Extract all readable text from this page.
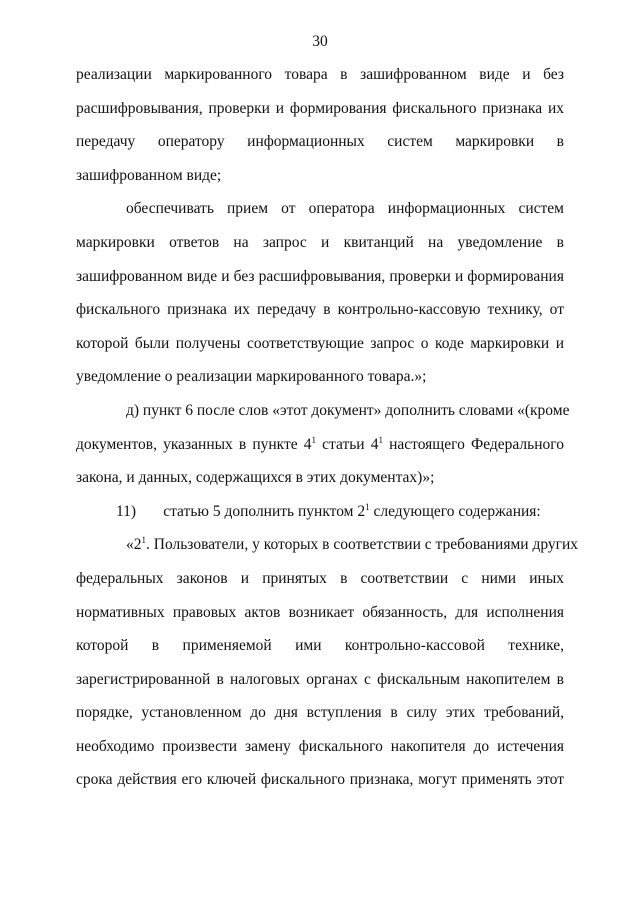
30

реализации маркированного товара в зашифрованном виде и без
расшифровывания, проверки и формирования фискального признака их
передачу оператору информационных систем маркировки в
зашифрованном виде;

обеспечивать прием от оператора информационных систем
маркировки ответов на запрос и квитанций на уведомление в
зашифрованном виде и без расшифровывания, проверки и формирования
фискального признака их передачу в контрольно-кассовую технику, от
которой были получены соответствующие запрос о коде маркировки и
уведомление о реализации маркированного товара.»;

д) пункт 6 после слов «этот документ» дополнить словами «(кроме
документов, указанных в пункте $4^1$ статьи $4^1$ настоящего Федерального
закона, и данных, содержащихся в этих документах)»;

11) статью 5 дополнить пунктом $2^1$ следующего содержания:

«$2^1$. Пользователи, у которых в соответствии с требованиями других
федеральных законов и принятых в соответствии с ними иных
нормативных правовых актов возникает обязанность, для исполнения
которой в применяемой ими контрольно-кассовой технике,
зарегистрированной в налоговых органах с фискальным накопителем в
порядке, установленном до дня вступления в силу этих требований,
необходимо произвести замену фискального накопителя до истечения
срока действия его ключей фискального признака, могут применять этот
